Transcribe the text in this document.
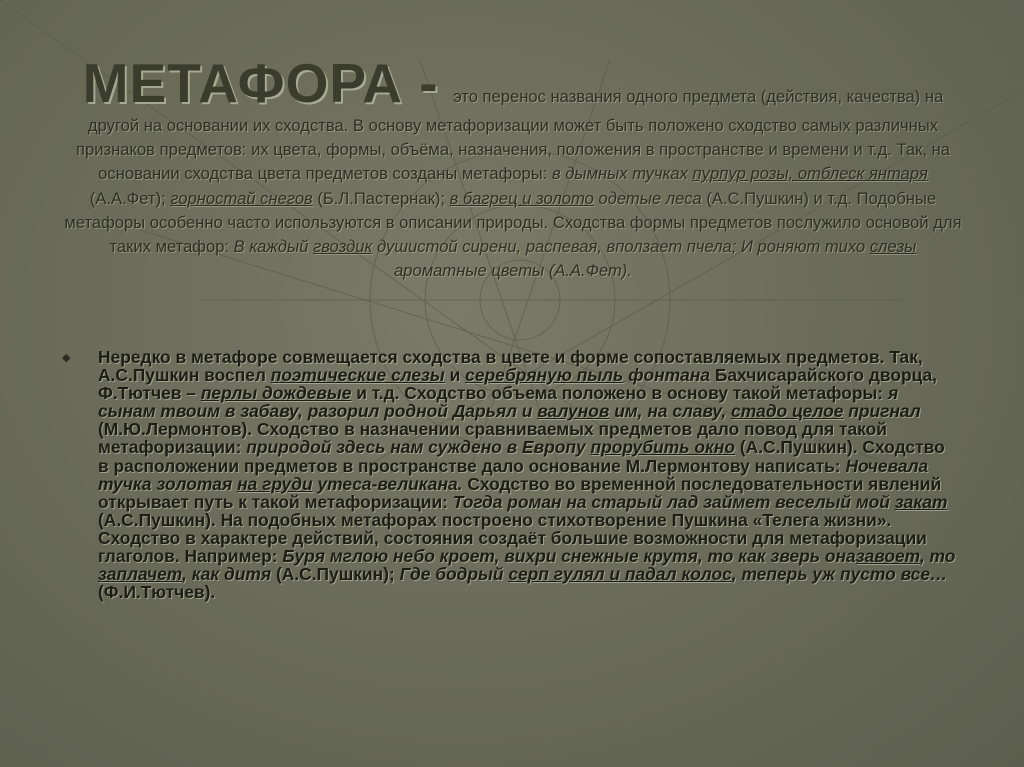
МЕТАФОРА - это перенос названия одного предмета (действия, качества) на другой на основании их сходства. В основу метафоризации может быть положено сходство самых различных признаков предметов: их цвета, формы, объёма, назначения, положения в пространстве и времени и т.д. Так, на основании сходства цвета предметов созданы метафоры: в дымных тучках пурпур розы, отблеск янтаря (А.А.Фет); горностай снегов (Б.Л.Пастернак); в багрец и золото одетые леса (А.С.Пушкин) и т.д. Подобные метафоры особенно часто используются в описании природы. Сходства формы предметов послужило основой для таких метафор: В каждый гвоздик душистой сирени, распевая, вползает пчела; И роняют тихо слезы ароматные цветы (А.А.Фет).
◆ Нередко в метафоре совмещается сходства в цвете и форме сопоставляемых предметов. Так, А.С.Пушкин воспел поэтические слезы и серебряную пыль фонтана Бахчисарайского дворца, Ф.Тютчев – перлы дождевые и т.д. Сходство объема положено в основу такой метафоры: я сынам твоим в забаву, разорил родной Дарьял и валунов им, на славу, стадо целое пригнал (М.Ю.Лермонтов). Сходство в назначении сравниваемых предметов дало повод для такой метафоризации: природой здесь нам суждено в Европу прорубить окно (А.С.Пушкин). Сходство в расположении предметов в пространстве дало основание М.Лермонтову написать: Ночевала тучка золотая на груди утеса-великана. Сходство во временной последовательности явлений открывает путь к такой метафоризации: Тогда роман на старый лад займет веселый мой закат (А.С.Пушкин). На подобных метафорах построено стихотворение Пушкина «Телега жизни». Сходство в характере действий, состояния создаёт большие возможности для метафоризации глаголов. Например: Буря мглою небо кроет, вихри снежные крутя, то как зверь оназавоет, то заплачет, как дитя (А.С.Пушкин); Где бодрый серп гулял и падал колос, теперь уж пусто все… (Ф.И.Тютчев).
